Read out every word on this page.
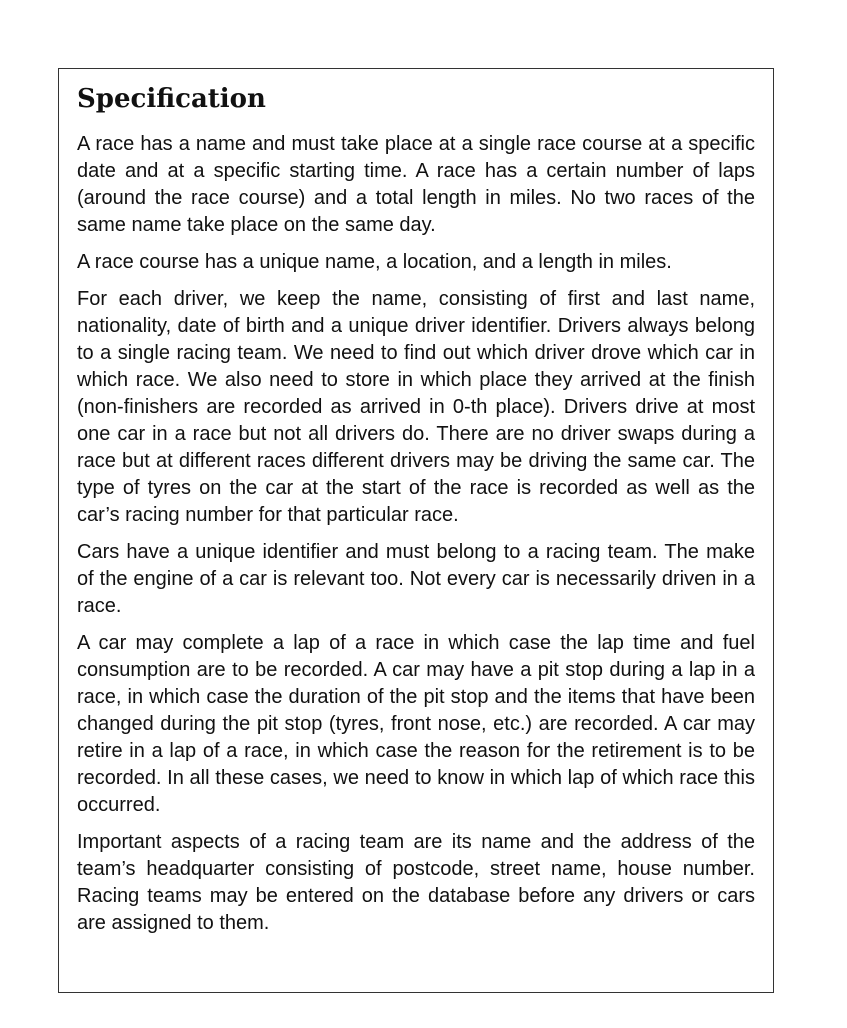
Specification

A race has a name and must take place at a single race course at a specific date and at a specific starting time. A race has a certain number of laps (around the race course) and a total length in miles. No two races of the same name take place on the same day.

A race course has a unique name, a location, and a length in miles.

For each driver, we keep the name, consisting of first and last name, nationality, date of birth and a unique driver identifier. Drivers always belong to a single racing team. We need to find out which driver drove which car in which race. We also need to store in which place they arrived at the finish (non-finishers are recorded as arrived in 0-th place). Drivers drive at most one car in a race but not all drivers do. There are no driver swaps during a race but at different races different drivers may be driving the same car. The type of tyres on the car at the start of the race is recorded as well as the car’s racing number for that particular race.

Cars have a unique identifier and must belong to a racing team. The make of the engine of a car is relevant too. Not every car is necessarily driven in a race.

A car may complete a lap of a race in which case the lap time and fuel consumption are to be recorded. A car may have a pit stop during a lap in a race, in which case the duration of the pit stop and the items that have been changed during the pit stop (tyres, front nose, etc.) are recorded. A car may retire in a lap of a race, in which case the reason for the retirement is to be recorded. In all these cases, we need to know in which lap of which race this occurred.

Important aspects of a racing team are its name and the address of the team’s headquarter consisting of postcode, street name, house number. Racing teams may be entered on the database before any drivers or cars are assigned to them.
